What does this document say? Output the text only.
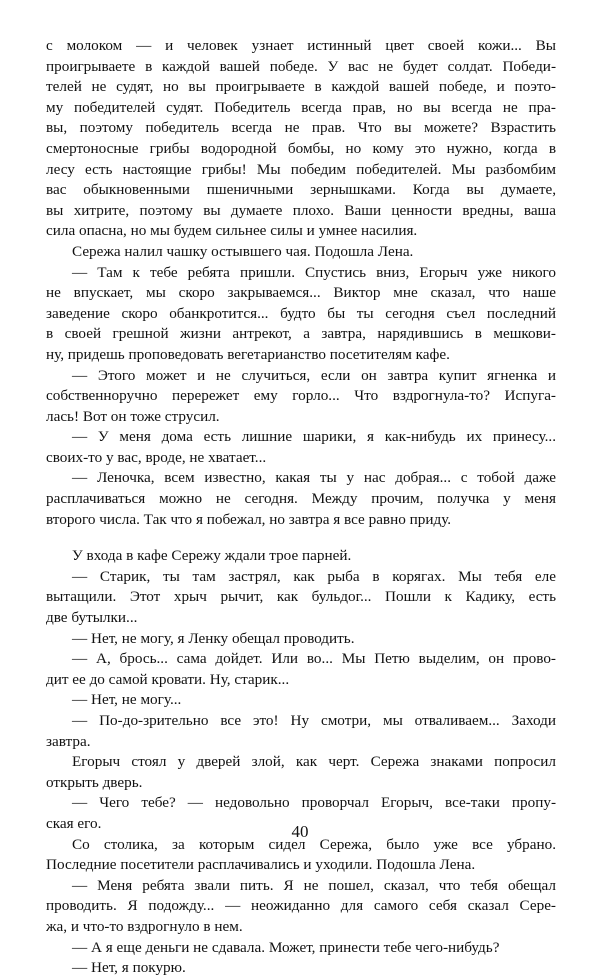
с молоком — и человек узнает истинный цвет своей кожи... Вы
проигрываете в каждой вашей победе. У вас не будет солдат. Победи-
телей не судят, но вы проигрываете в каждой вашей победе, и поэто-
му победителей судят. Победитель всегда прав, но вы всегда не пра-
вы, поэтому победитель всегда не прав. Что вы можете? Взрастить
смертоносные грибы водородной бомбы, но кому это нужно, когда в
лесу есть настоящие грибы! Мы победим победителей. Мы разбомбим
вас обыкновенными пшеничными зернышками. Когда вы думаете,
вы хитрите, поэтому вы думаете плохо. Ваши ценности вредны, ваша
сила опасна, но мы будем сильнее силы и умнее насилия.
Сережа налил чашку остывшего чая. Подошла Лена.
— Там к тебе ребята пришли. Спустись вниз, Егорыч уже никого
не впускает, мы скоро закрываемся... Виктор мне сказал, что наше
заведение скоро обанкротится... будто бы ты сегодня съел последний
в своей грешной жизни антрекот, а завтра, нарядившись в мешкови-
ну, придешь проповедовать вегетарианство посетителям кафе.
— Этого может и не случиться, если он завтра купит ягненка и
собственноручно перережет ему горло... Что вздрогнула-то? Испуга-
лась! Вот он тоже струсил.
— У меня дома есть лишние шарики, я как-нибудь их принесу...
своих-то у вас, вроде, не хватает...
— Леночка, всем известно, какая ты у нас добрая... с тобой даже
расплачиваться можно не сегодня. Между прочим, получка у меня
второго числа. Так что я побежал, но завтра я все равно приду.
У входа в кафе Сережу ждали трое парней.
— Старик, ты там застрял, как рыба в корягах. Мы тебя еле
вытащили. Этот хрыч рычит, как бульдог... Пошли к Кадику, есть
две бутылки...
— Нет, не могу, я Ленку обещал проводить.
— А, брось... сама дойдет. Или во... Мы Петю выделим, он прово-
дит ее до самой кровати. Ну, старик...
— Нет, не могу...
— По-до-зрительно все это! Ну смотри, мы отваливаем... Заходи
завтра.
Егорыч стоял у дверей злой, как черт. Сережа знаками попросил
открыть дверь.
— Чего тебе? — недовольно проворчал Егорыч, все-таки пропу-
ская его.
Со столика, за которым сидел Сережа, было уже все убрано.
Последние посетители расплачивались и уходили. Подошла Лена.
— Меня ребята звали пить. Я не пошел, сказал, что тебя обещал
проводить. Я подожду... — неожиданно для самого себя сказал Сере-
жа, и что-то вздрогнуло в нем.
— А я еще деньги не сдавала. Может, принести тебе чего-нибудь?
— Нет, я покурю.
40
